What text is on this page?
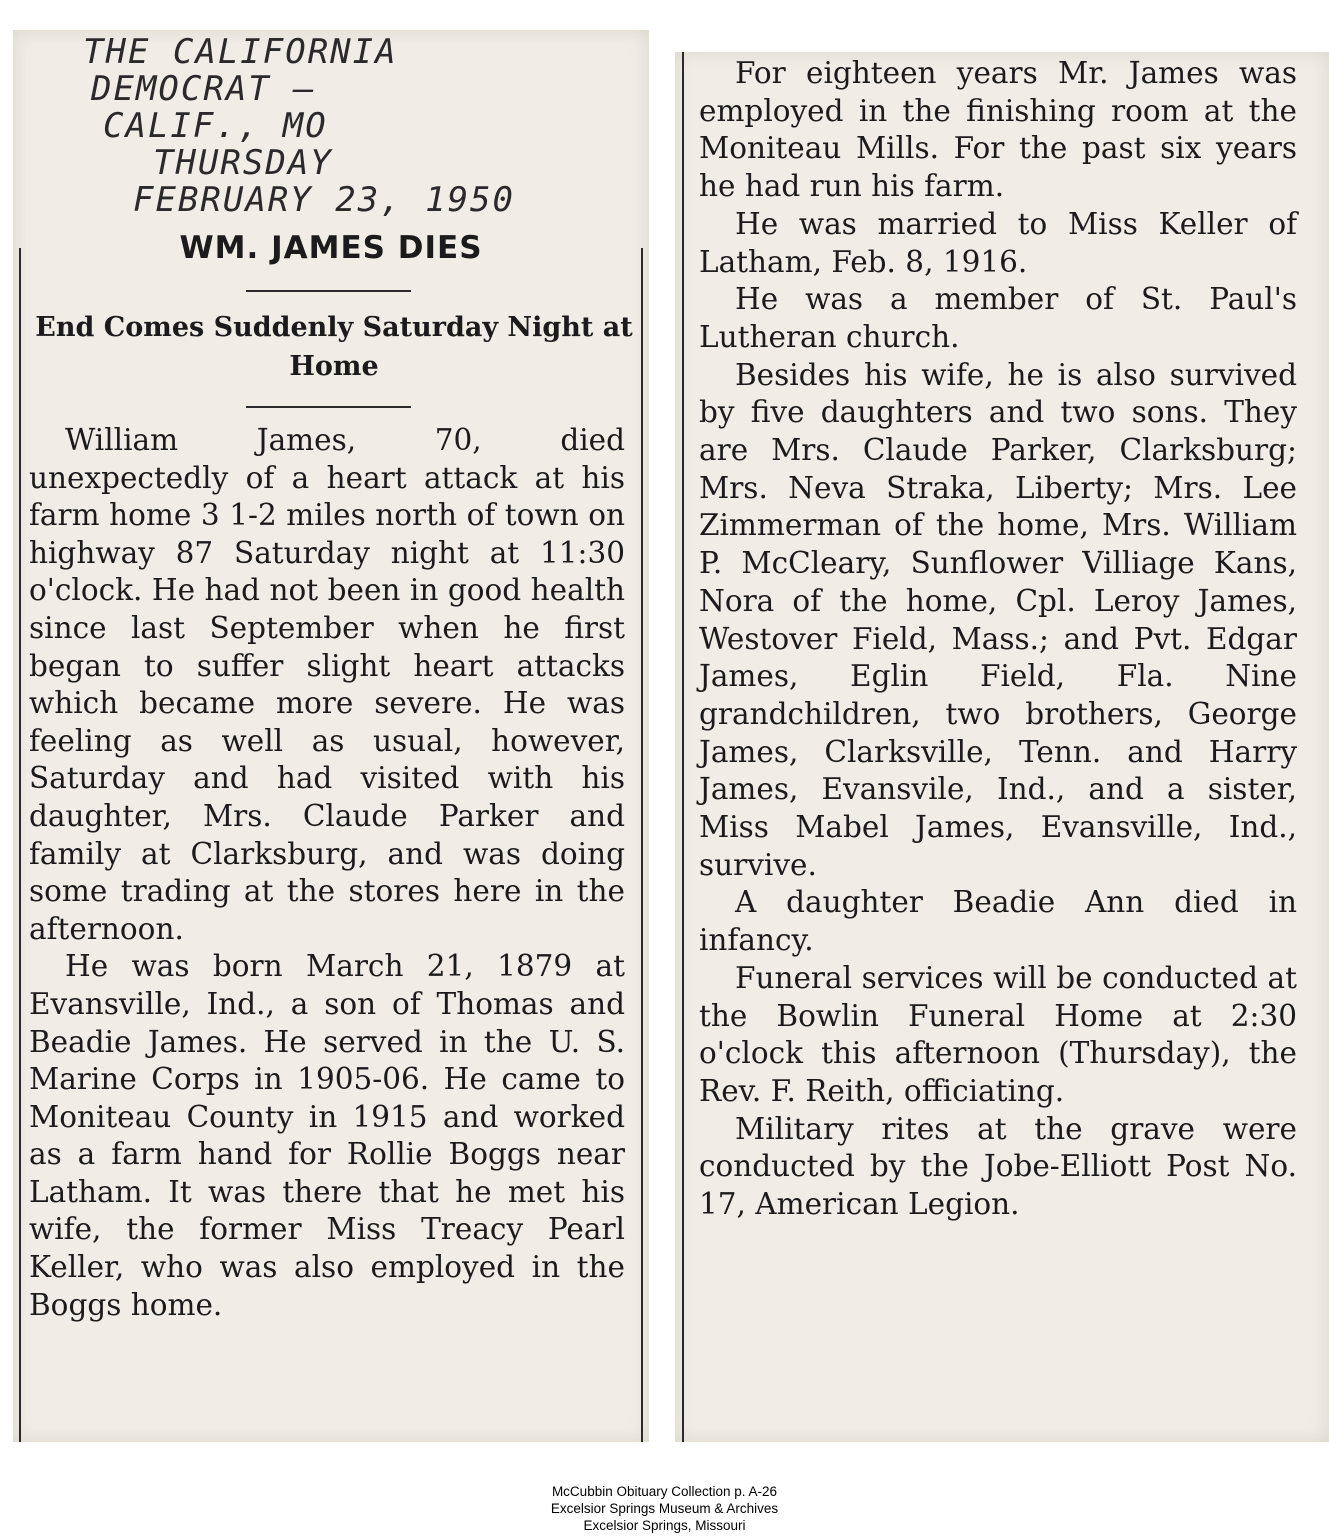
THE CALIFORNIA
DEMOCRAT —
CALIF., MO
THURSDAY
FEBRUARY 23, 1950
WM. JAMES DIES
End Comes Suddenly Saturday Night at Home

William James, 70, died unexpectedly of a heart attack at his farm home 3 1-2 miles north of town on highway 87 Saturday night at 11:30 o'clock. He had not been in good health since last September when he first began to suffer slight heart attacks which became more severe. He was feeling as well as usual, however, Saturday and had visited with his daughter, Mrs. Claude Parker and family at Clarksburg, and was doing some trading at the stores here in the afternoon.

He was born March 21, 1879 at Evansville, Ind., a son of Thomas and Beadie James. He served in the U. S. Marine Corps in 1905-06. He came to Moniteau County in 1915 and worked as a farm hand for Rollie Boggs near Latham. It was there that he met his wife, the former Miss Treacy Pearl Keller, who was also employed in the Boggs home.

For eighteen years Mr. James was employed in the finishing room at the Moniteau Mills. For the past six years he had run his farm.

He was married to Miss Keller of Latham, Feb. 8, 1916.

He was a member of St. Paul's Lutheran church.

Besides his wife, he is also survived by five daughters and two sons. They are Mrs. Claude Parker, Clarksburg; Mrs. Neva Straka, Liberty; Mrs. Lee Zimmerman of the home, Mrs. William P. McCleary, Sunflower Villiage Kans, Nora of the home, Cpl. Leroy James, Westover Field, Mass.; and Pvt. Edgar James, Eglin Field, Fla. Nine grandchildren, two brothers, George James, Clarksville, Tenn. and Harry James, Evansvile, Ind., and a sister, Miss Mabel James, Evansville, Ind., survive.

A daughter Beadie Ann died in infancy.

Funeral services will be conducted at the Bowlin Funeral Home at 2:30 o'clock this afternoon (Thursday), the Rev. F. Reith, officiating.

Military rites at the grave were conducted by the Jobe-Elliott Post No. 17, American Legion.

McCubbin Obituary Collection p. A-26
Excelsior Springs Museum & Archives
Excelsior Springs, Missouri
